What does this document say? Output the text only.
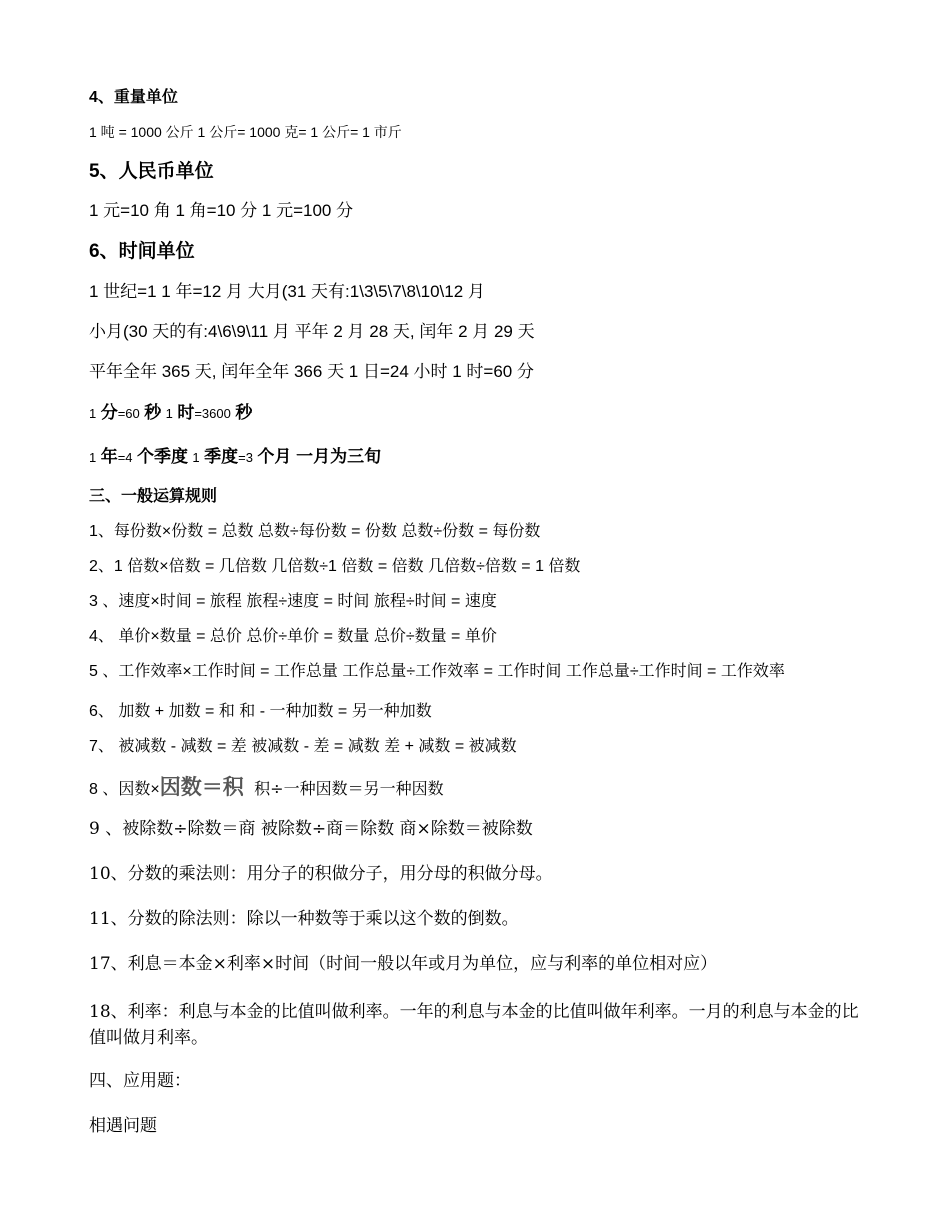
4、重量单位
1 吨 = 1000 公斤 1 公斤= 1000 克= 1 公斤= 1 市斤
5、人民币单位
1 元=10 角 1 角=10 分 1 元=100 分
6、时间单位
1 世纪=1 1 年=12 月 大月(31 天有:1\3\5\7\8\10\12 月
小月(30 天的有:4\6\9\11 月 平年 2 月 28 天, 闰年 2 月 29 天
平年全年 365 天, 闰年全年 366 天 1 日=24 小时 1 时=60 分
1 分=60 秒 1 时=3600 秒
1 年=4 个季度 1 季度=3 个月 一月为三旬
三、一般运算规则
1、每份数×份数 = 总数 总数÷每份数 = 份数 总数÷份数 = 每份数
2、1 倍数×倍数 = 几倍数 几倍数÷1 倍数 = 倍数 几倍数÷倍数 = 1 倍数
3 、速度×时间 = 旅程 旅程÷速度 = 时间 旅程÷时间 = 速度
4、 单价×数量 = 总价 总价÷单价 = 数量 总价÷数量 = 单价
5 、工作效率×工作时间 = 工作总量 工作总量÷工作效率 = 工作时间 工作总量÷工作时间 = 工作效率
6、 加数 + 加数 = 和 和 - 一种加数 = 另一种加数
7、 被减数 - 减数 = 差 被减数 - 差 = 减数 差 + 减数 = 被减数
8 、因数×因数＝积 积÷一种因数＝另一种因数
9 、被除数÷除数＝商 被除数÷商＝除数 商×除数＝被除数
10、分数的乘法则：用分子的积做分子，用分母的积做分母。
11、分数的除法则：除以一种数等于乘以这个数的倒数。
17、利息＝本金×利率×时间（时间一般以年或月为单位，应与利率的单位相对应）
18、利率：利息与本金的比值叫做利率。一年的利息与本金的比值叫做年利率。一月的利息与本金的比值叫做月利率。
四、应用题：
相遇问题
